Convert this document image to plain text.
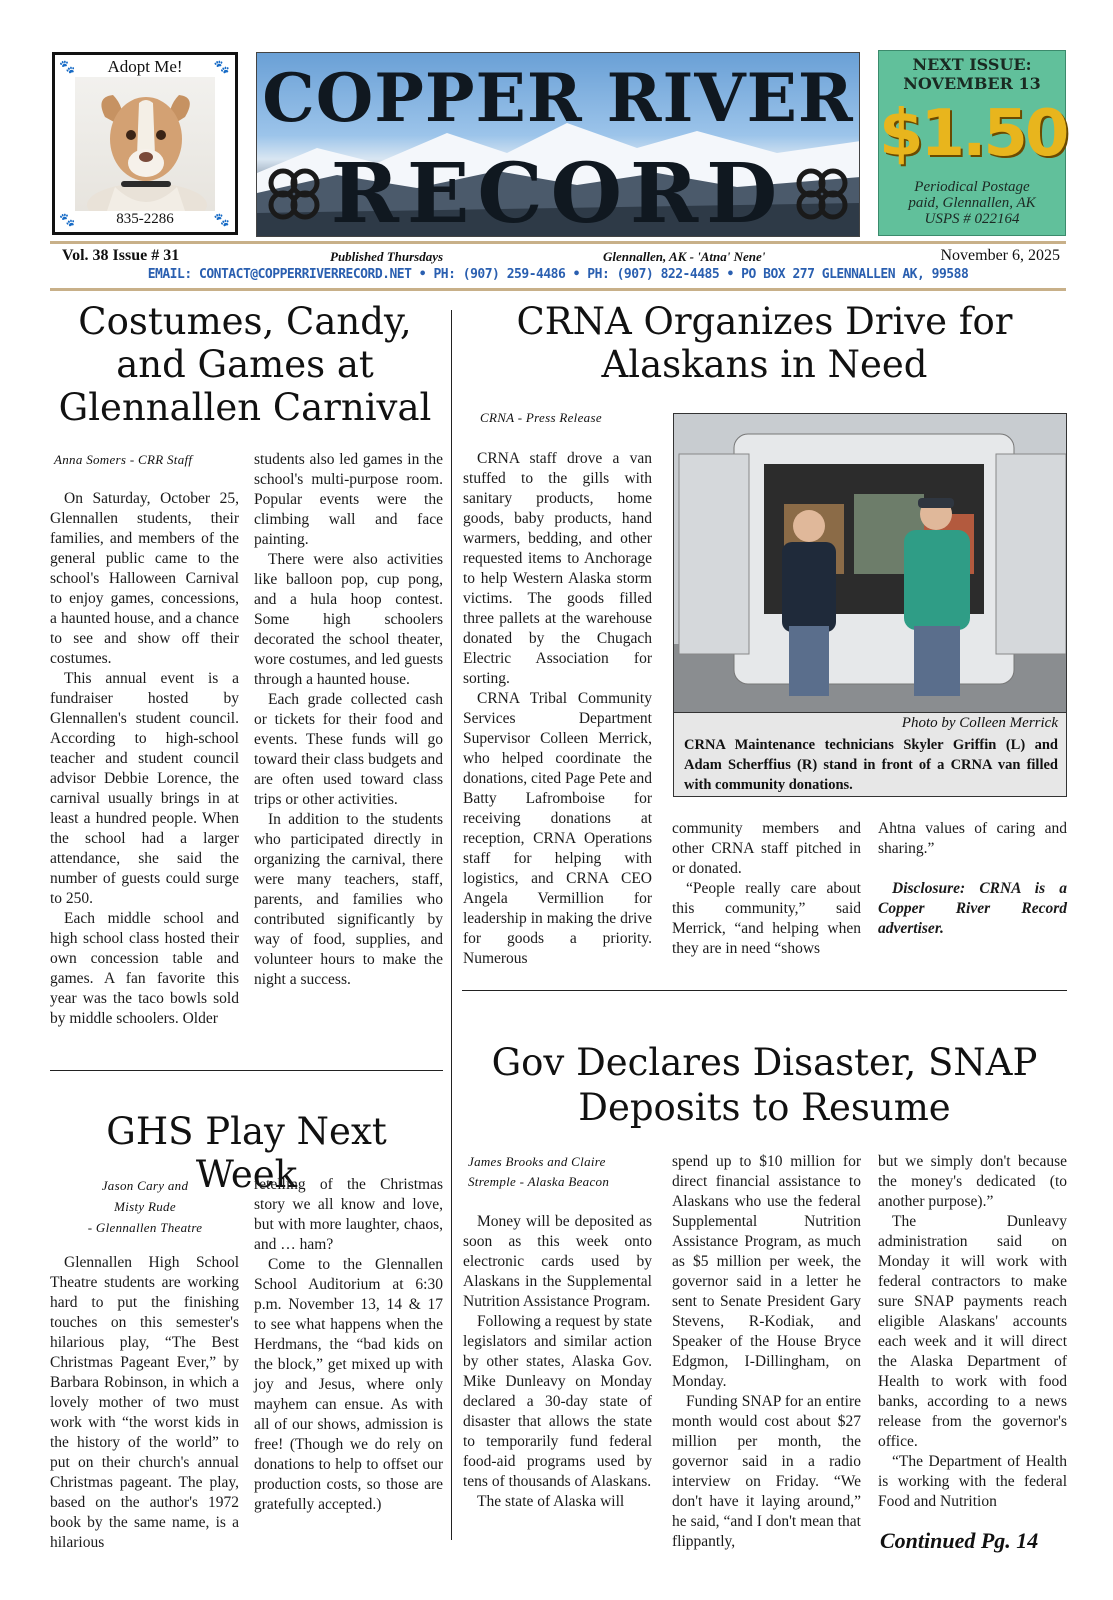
Adopt Me!
🐾	🐾
🐾	🐾
835-2286
COPPER RIVER
RECORD
NEXT ISSUE:
NOVEMBER 13
$1.50
Periodical Postage
paid, Glennallen, AK
USPS # 022164
Vol. 38 Issue # 31	Published Thursdays	Glennallen, AK - 'Atna' Nene'	November 6, 2025
EMAIL: CONTACT@COPPERRIVERRECORD.NET • PH: (907) 259-4486 • PH: (907) 822-4485 • PO BOX 277 GLENNALLEN AK, 99588
Costumes, Candy,
and Games at
Glennallen Carnival
Anna Somers - CRR Staff

On Saturday, October 25, Glennallen students, their families, and members of the general public came to the school's Halloween Carnival to enjoy games, concessions, a haunted house, and a chance to see and show off their costumes.

This annual event is a fundraiser hosted by Glennallen's student council. According to high-school teacher and student council advisor Debbie Lorence, the carnival usually brings in at least a hundred people. When the school had a larger attendance, she said the number of guests could surge to 250.

Each middle school and high school class hosted their own concession table and games. A fan favorite this year was the taco bowls sold by middle schoolers. Older

students also led games in the school's multi-purpose room. Popular events were the climbing wall and face painting.

There were also activities like balloon pop, cup pong, and a hula hoop contest. Some high schoolers decorated the school theater, wore costumes, and led guests through a haunted house.

Each grade collected cash or tickets for their food and events. These funds will go toward their class budgets and are often used toward class trips or other activities.

In addition to the students who participated directly in organizing the carnival, there were many teachers, staff, parents, and families who contributed significantly by way of food, supplies, and volunteer hours to make the night a success.

CRNA Organizes Drive for
Alaskans in Need
CRNA - Press Release

CRNA staff drove a van stuffed to the gills with sanitary products, home goods, baby products, hand warmers, bedding, and other requested items to Anchorage to help Western Alaska storm victims. The goods filled three pallets at the warehouse donated by the Chugach Electric Association for sorting.

CRNA Tribal Community Services Department Supervisor Colleen Merrick, who helped coordinate the donations, cited Page Pete and Batty Lafromboise for receiving donations at reception, CRNA Operations staff for helping with logistics, and CRNA CEO Angela Vermillion for leadership in making the drive for goods a priority. Numerous

Photo by Colleen Merrick
CRNA Maintenance technicians Skyler Griffin (L) and Adam Scherffius (R) stand in front of a CRNA van filled with community donations.

community members and other CRNA staff pitched in or donated.

“People really care about this community,” said Merrick, “and helping when they are in need “shows

Ahtna values of caring and sharing.”

Disclosure: CRNA is a Copper River Record advertiser.

GHS Play Next Week
Jason Cary and
Misty Rude
- Glennallen Theatre

Glennallen High School Theatre students are working hard to put the finishing touches on this semester's hilarious play, “The Best Christmas Pageant Ever,” by Barbara Robinson, in which a lovely mother of two must work with “the worst kids in the history of the world” to put on their church's annual Christmas pageant. The play, based on the author's 1972 book by the same name, is a hilarious

retelling of the Christmas story we all know and love, but with more laughter, chaos, and … ham?

Come to the Glennallen School Auditorium at 6:30 p.m. November 13, 14 & 17 to see what happens when the Herdmans, the “bad kids on the block,” get mixed up with joy and Jesus, where only mayhem can ensue. As with all of our shows, admission is free! (Though we do rely on donations to help to offset our production costs, so those are gratefully accepted.)

Gov Declares Disaster, SNAP
Deposits to Resume
James Brooks and Claire
Stremple - Alaska Beacon

Money will be deposited as soon as this week onto electronic cards used by Alaskans in the Supplemental Nutrition Assistance Program.

Following a request by state legislators and similar action by other states, Alaska Gov. Mike Dunleavy on Monday declared a 30-day state of disaster that allows the state to temporarily fund federal food-aid programs used by tens of thousands of Alaskans.

The state of Alaska will

spend up to $10 million for direct financial assistance to Alaskans who use the federal Supplemental Nutrition Assistance Program, as much as $5 million per week, the governor said in a letter he sent to Senate President Gary Stevens, R-Kodiak, and Speaker of the House Bryce Edgmon, I-Dillingham, on Monday.

Funding SNAP for an entire month would cost about $27 million per month, the governor said in a radio interview on Friday. “We don't have it laying around,” he said, “and I don't mean that flippantly,

but we simply don't because the money's dedicated (to another purpose).”

The Dunleavy administration said on Monday it will work with federal contractors to make sure SNAP payments reach eligible Alaskans' accounts each week and it will direct the Alaska Department of Health to work with food banks, according to a news release from the governor's office.

“The Department of Health is working with the federal Food and Nutrition

Continued Pg. 14
